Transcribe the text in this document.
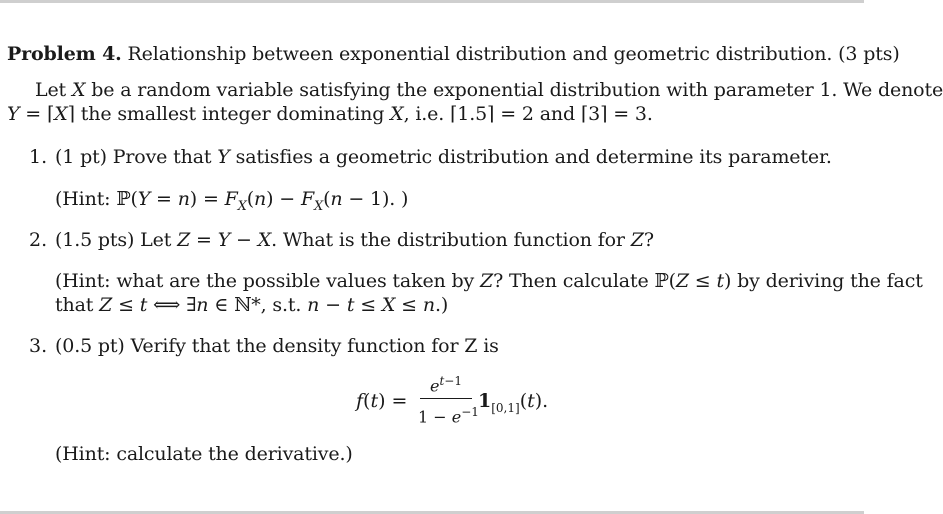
Problem 4. Relationship between exponential distribution and geometric distribution. (3 pts)
Let X be a random variable satisfying the exponential distribution with parameter 1. We denote
Y = ⌈X⌉ the smallest integer dominating X, i.e. ⌈1.5⌉ = 2 and ⌈3⌉ = 3.
1. (1 pt) Prove that Y satisfies a geometric distribution and determine its parameter.
(Hint: ℙ(Y = $n) = F_X(n) - F_X(n - 1)$. )
2. (1.5 pts) Let Z = Y − X. What is the distribution function for Z?
(Hint: what are the possible values taken by Z? Then calculate ℙ(Z ≤ t) by deriving the fact
that Z ≤ t ⟺ ∃n ∈ ℕ*, s.t. n − t ≤ X ≤ n.)
3. (0.5 pt) Verify that the density function for Z is
f(t) =
$e^{t-1}$
$1 - e^{-1}$ $1_{[0,1]}(t)$.
(Hint: calculate the derivative.)
